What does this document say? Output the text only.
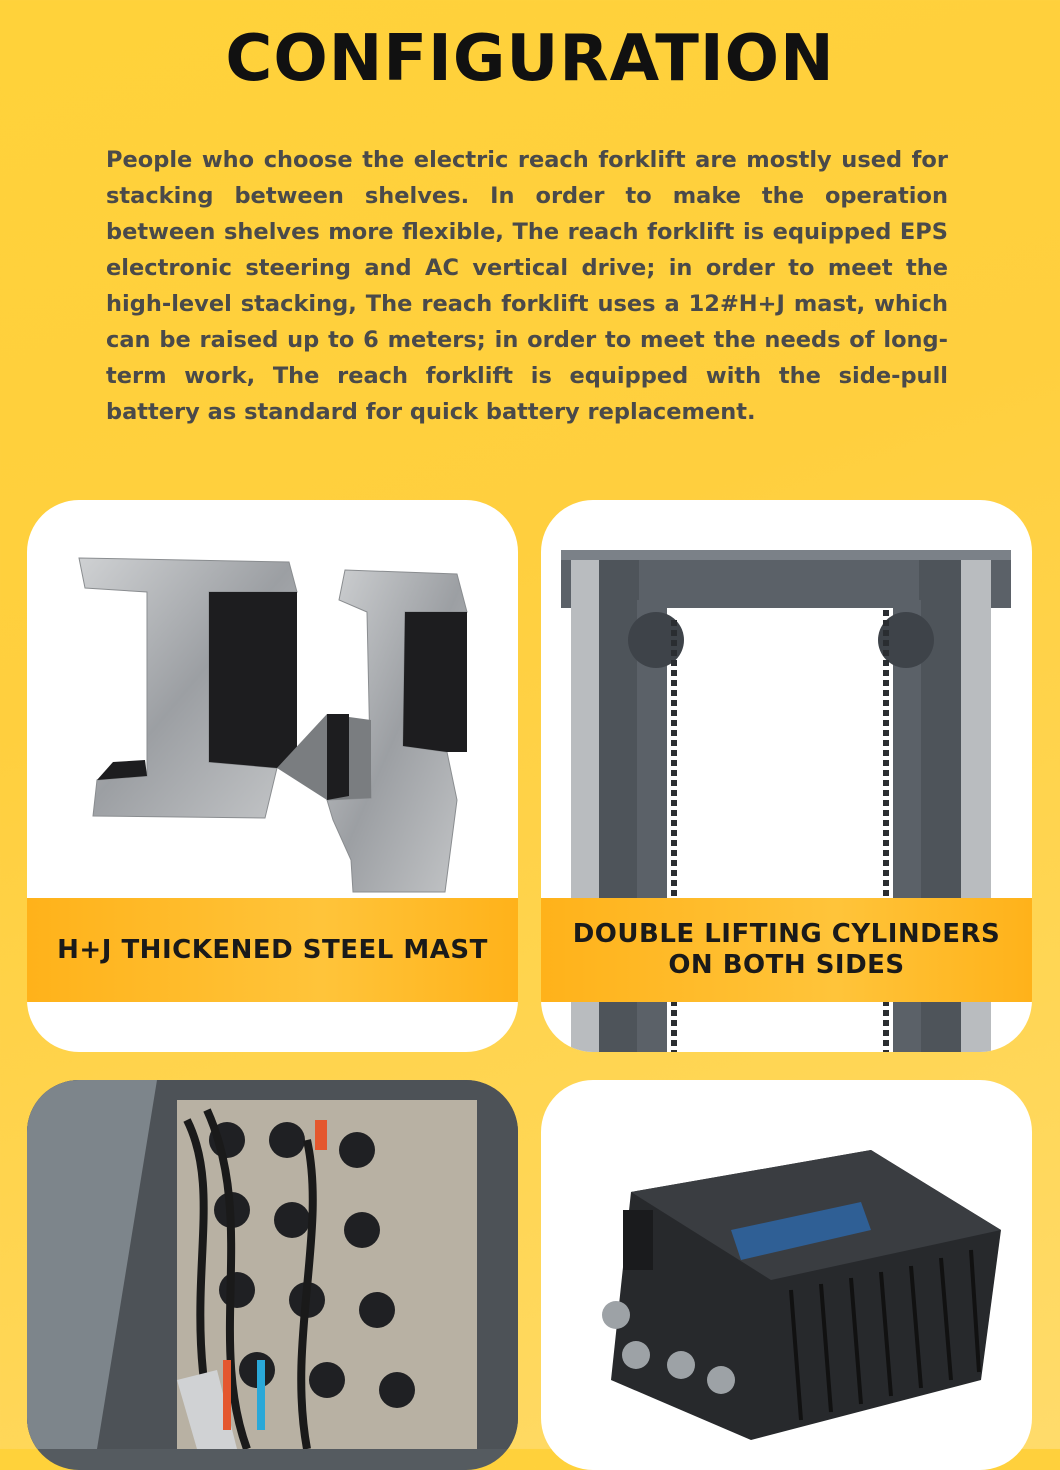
CONFIGURATION

People who choose the electric reach forklift are mostly used for stacking between shelves. In order to make the operation between shelves more flexible, The reach forklift is equipped EPS electronic steering and AC vertical drive; in order to meet the high-level stacking, The reach forklift uses a 12#H+J mast, which can be raised up to 6 meters; in order to meet the needs of long-term work, The reach forklift is equipped with the side-pull battery as standard for quick battery replacement.

H+J THICKENED STEEL MAST
DOUBLE LIFTING CYLINDERS
ON BOTH SIDES
